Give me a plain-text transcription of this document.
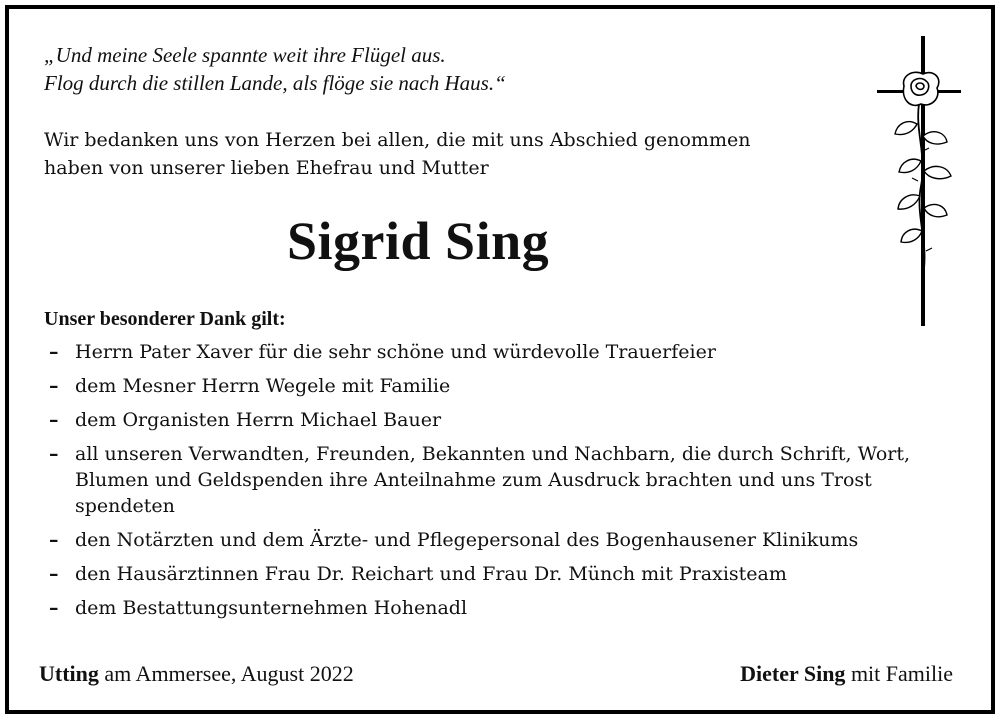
„Und meine Seele spannte weit ihre Flügel aus.
Flog durch die stillen Lande, als flöge sie nach Haus.“
Wir bedanken uns von Herzen bei allen, die mit uns Abschied genommen
haben von unserer lieben Ehefrau und Mutter
Sigrid Sing
Unser besonderer Dank gilt:
– Herrn Pater Xaver für die sehr schöne und würdevolle Trauerfeier
– dem Mesner Herrn Wegele mit Familie
– dem Organisten Herrn Michael Bauer
– all unseren Verwandten, Freunden, Bekannten und Nachbarn, die durch Schrift, Wort, Blumen und Geldspenden ihre Anteilnahme zum Ausdruck brachten und uns Trost spendeten
– den Notärzten und dem Ärzte- und Pflegepersonal des Bogenhausener Klinikums
– den Hausärztinnen Frau Dr. Reichart und Frau Dr. Münch mit Praxisteam
– dem Bestattungsunternehmen Hohenadl
Utting am Ammersee, August 2022	Dieter Sing mit Familie
